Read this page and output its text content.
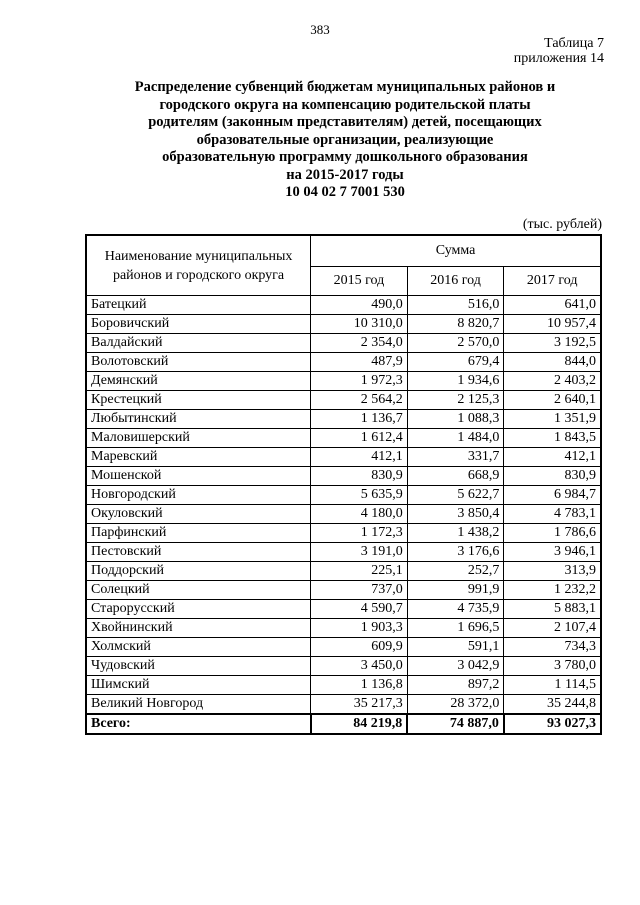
383
Таблица 7
приложения 14
Распределение субвенций бюджетам муниципальных районов и
городского округа на компенсацию родительской платы
родителям (законным представителям) детей, посещающих
образовательные организации, реализующие
образовательную программу дошкольного образования
на 2015-2017 годы
10 04 02 7 7001 530
(тыс. рублей)
Наименование муниципальных районов и городского округа	Сумма		
	2015 год	2016 год	2017 год
Батецкий	490,0	516,0	641,0
Боровичский	10 310,0	8 820,7	10 957,4
Валдайский	2 354,0	2 570,0	3 192,5
Волотовский	487,9	679,4	844,0
Демянский	1 972,3	1 934,6	2 403,2
Крестецкий	2 564,2	2 125,3	2 640,1
Любытинский	1 136,7	1 088,3	1 351,9
Маловишерский	1 612,4	1 484,0	1 843,5
Маревский	412,1	331,7	412,1
Мошенской	830,9	668,9	830,9
Новгородский	5 635,9	5 622,7	6 984,7
Окуловский	4 180,0	3 850,4	4 783,1
Парфинский	1 172,3	1 438,2	1 786,6
Пестовский	3 191,0	3 176,6	3 946,1
Поддорский	225,1	252,7	313,9
Солецкий	737,0	991,9	1 232,2
Старорусский	4 590,7	4 735,9	5 883,1
Хвойнинский	1 903,3	1 696,5	2 107,4
Холмский	609,9	591,1	734,3
Чудовский	3 450,0	3 042,9	3 780,0
Шимский	1 136,8	897,2	1 114,5
Великий Новгород	35 217,3	28 372,0	35 244,8
Всего:	84 219,8	74 887,0	93 027,3
